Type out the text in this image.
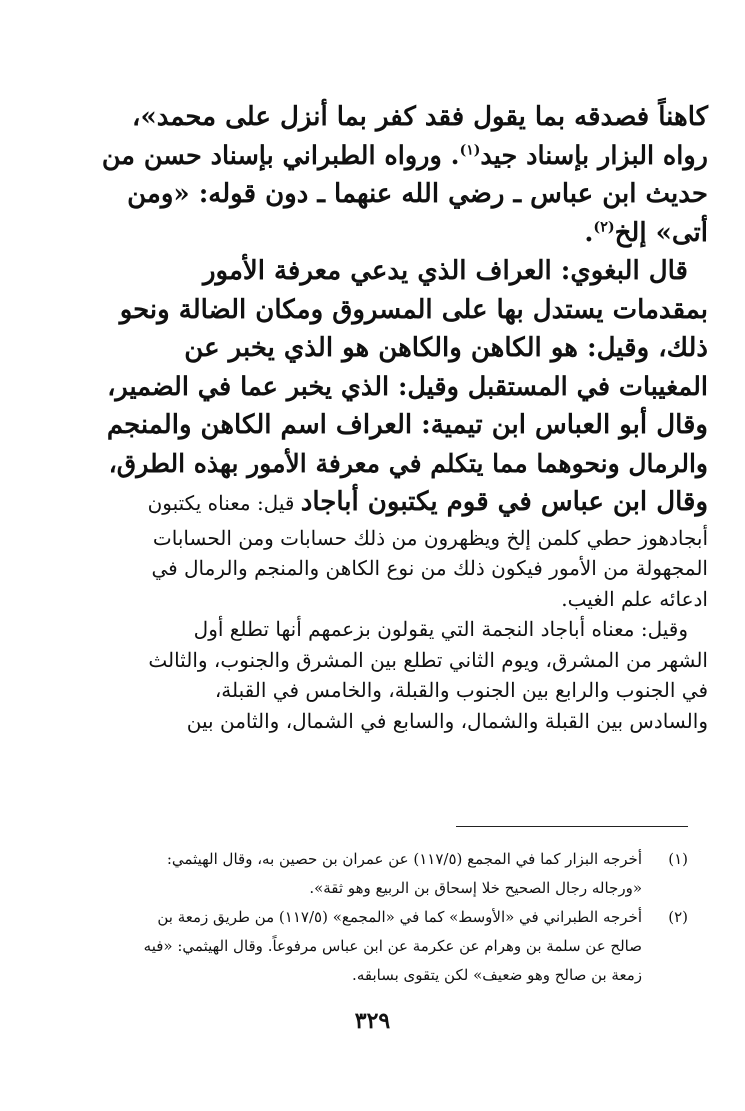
كاهناً فصدقه بما يقول فقد كفر بما أنزل على محمد»،
رواه البزار بإسناد جيد$^{(١)}$. ورواه الطبراني بإسناد حسن من
حديث ابن عباس ـ رضي الله عنهما ـ دون قوله: «ومن
أتى» إلخ$^{(٢)}$.
قال البغوي: العراف الذي يدعي معرفة الأمور
بمقدمات يستدل بها على المسروق ومكان الضالة ونحو
ذلك، وقيل: هو الكاهن والكاهن هو الذي يخبر عن
المغيبات في المستقبل وقيل: الذي يخبر عما في الضمير،
وقال أبو العباس ابن تيمية: العراف اسم الكاهن والمنجم
والرمال ونحوهما مما يتكلم في معرفة الأمور بهذه الطرق،
وقال ابن عباس في قوم يكتبون أباجاد قيل: معناه يكتبون
أبجادهوز حطي كلمن إلخ ويظهرون من ذلك حسابات ومن الحسابات
المجهولة من الأمور فيكون ذلك من نوع الكاهن والمنجم والرمال في
ادعائه علم الغيب.
وقيل: معناه أباجاد النجمة التي يقولون بزعمهم أنها تطلع أول
الشهر من المشرق، ويوم الثاني تطلع بين المشرق والجنوب، والثالث
في الجنوب والرابع بين الجنوب والقبلة، والخامس في القبلة،
والسادس بين القبلة والشمال، والسابع في الشمال، والثامن بين
(١)
أخرجه البزار كما في المجمع (١١٧/٥) عن عمران بن حصين به، وقال الهيثمي:
«ورجاله رجال الصحيح خلا إسحاق بن الربيع وهو ثقة».
(٢)
أخرجه الطبراني في «الأوسط» كما في «المجمع» (١١٧/٥) من طريق زمعة بن
صالح عن سلمة بن وهرام عن عكرمة عن ابن عباس مرفوعاً. وقال الهيثمي: «فيه
زمعة بن صالح وهو ضعيف» لكن يتقوى بسابقه.
٣٢٩
